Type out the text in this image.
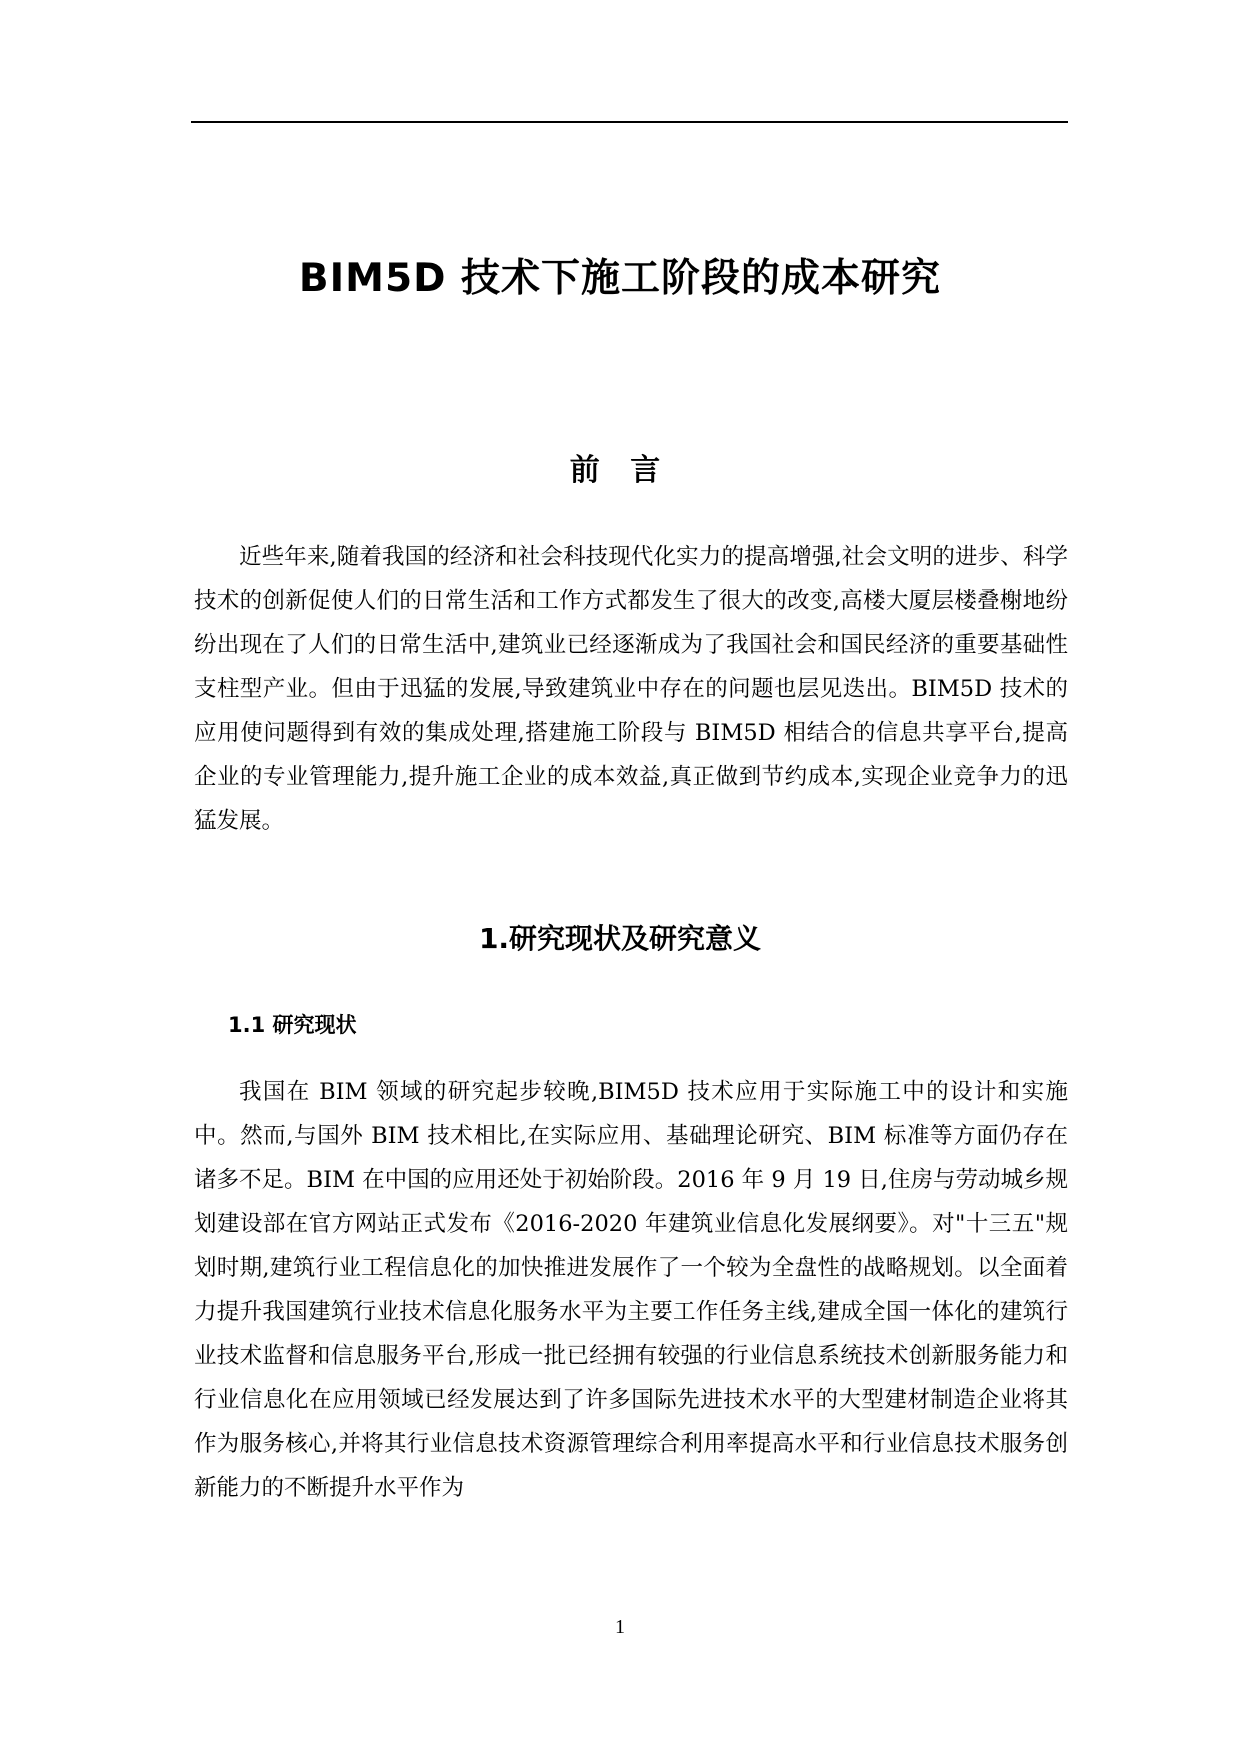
BIM5D 技术下施工阶段的成本研究
前 言

近些年来,随着我国的经济和社会科技现代化实力的提高增强,社会文明的进步、科学技术的创新促使人们的日常生活和工作方式都发生了很大的改变,高楼大厦层楼叠榭地纷纷出现在了人们的日常生活中,建筑业已经逐渐成为了我国社会和国民经济的重要基础性支柱型产业。但由于迅猛的发展,导致建筑业中存在的问题也层见迭出。BIM5D 技术的应用使问题得到有效的集成处理,搭建施工阶段与 BIM5D 相结合的信息共享平台,提高企业的专业管理能力,提升施工企业的成本效益,真正做到节约成本,实现企业竞争力的迅猛发展。

1.研究现状及研究意义
1.1 研究现状

我国在 BIM 领域的研究起步较晚,BIM5D 技术应用于实际施工中的设计和实施中。然而,与国外 BIM 技术相比,在实际应用、基础理论研究、BIM 标准等方面仍存在诸多不足。BIM 在中国的应用还处于初始阶段。2016 年 9 月 19 日,住房与劳动城乡规划建设部在官方网站正式发布《2016-2020 年建筑业信息化发展纲要》。对"十三五"规划时期,建筑行业工程信息化的加快推进发展作了一个较为全盘性的战略规划。以全面着力提升我国建筑行业技术信息化服务水平为主要工作任务主线,建成全国一体化的建筑行业技术监督和信息服务平台,形成一批已经拥有较强的行业信息系统技术创新服务能力和行业信息化在应用领域已经发展达到了许多国际先进技术水平的大型建材制造企业将其作为服务核心,并将其行业信息技术资源管理综合利用率提高水平和行业信息技术服务创新能力的不断提升水平作为

1
